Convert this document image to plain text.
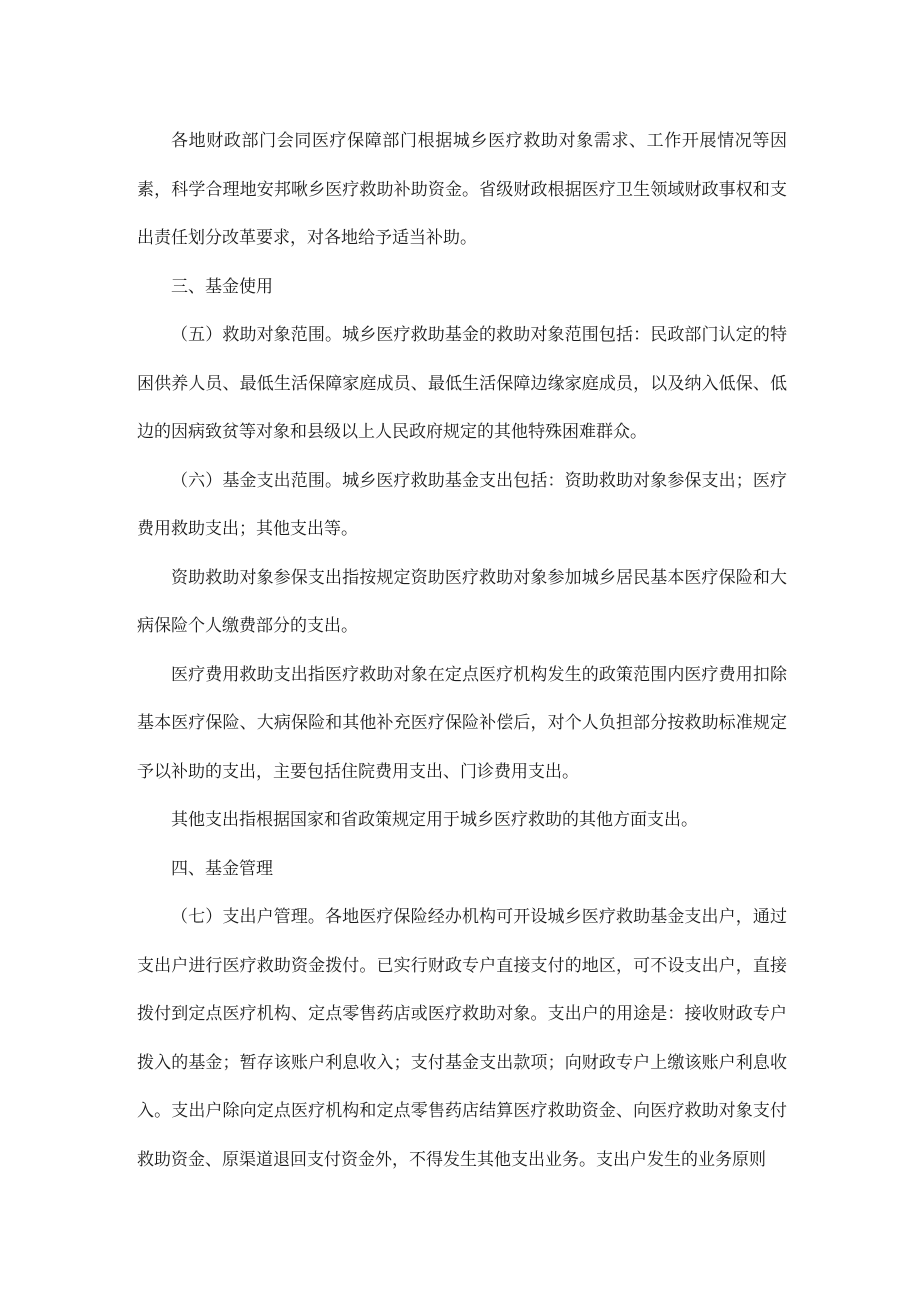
各地财政部门会同医疗保障部门根据城乡医疗救助对象需求、工作开展情况等因素，科学合理地安邦啾乡医疗救助补助资金。省级财政根据医疗卫生领域财政事权和支出责任划分改革要求，对各地给予适当补助。

三、基金使用

（五）救助对象范围。城乡医疗救助基金的救助对象范围包括：民政部门认定的特困供养人员、最低生活保障家庭成员、最低生活保障边缘家庭成员，以及纳入低保、低边的因病致贫等对象和县级以上人民政府规定的其他特殊困难群众。

（六）基金支出范围。城乡医疗救助基金支出包括：资助救助对象参保支出；医疗费用救助支出；其他支出等。

资助救助对象参保支出指按规定资助医疗救助对象参加城乡居民基本医疗保险和大病保险个人缴费部分的支出。

医疗费用救助支出指医疗救助对象在定点医疗机构发生的政策范围内医疗费用扣除基本医疗保险、大病保险和其他补充医疗保险补偿后，对个人负担部分按救助标准规定予以补助的支出，主要包括住院费用支出、门诊费用支出。

其他支出指根据国家和省政策规定用于城乡医疗救助的其他方面支出。

四、基金管理

（七）支出户管理。各地医疗保险经办机构可开设城乡医疗救助基金支出户，通过支出户进行医疗救助资金拨付。已实行财政专户直接支付的地区，可不设支出户，直接拨付到定点医疗机构、定点零售药店或医疗救助对象。支出户的用途是：接收财政专户拨入的基金；暂存该账户利息收入；支付基金支出款项；向财政专户上缴该账户利息收入。支出户除向定点医疗机构和定点零售药店结算医疗救助资金、向医疗救助对象支付救助资金、原渠道退回支付资金外，不得发生其他支出业务。支出户发生的业务原则
